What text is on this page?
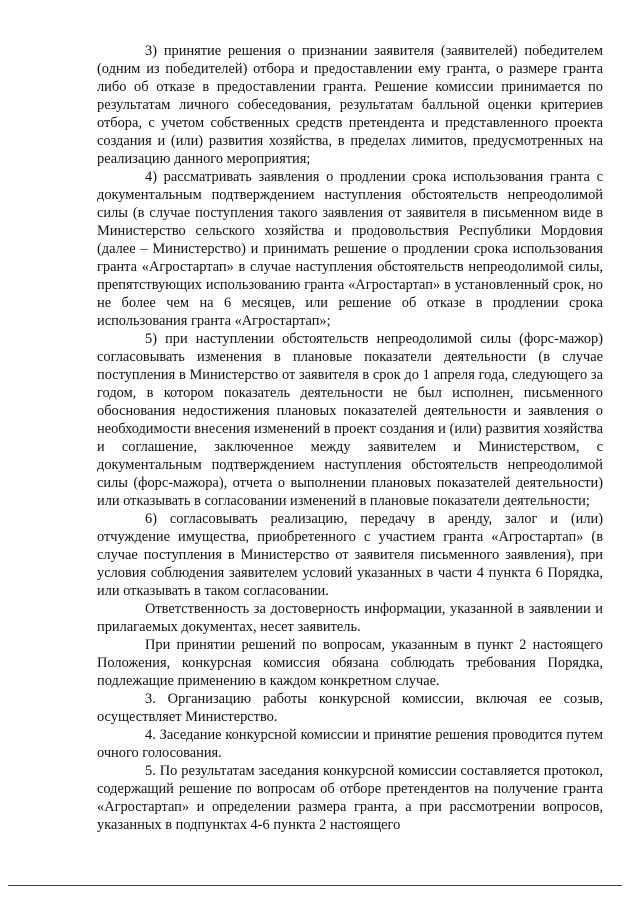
3) принятие решения о признании заявителя (заявителей) победителем (одним из победителей) отбора и предоставлении ему гранта, о размере гранта либо об отказе в предоставлении гранта. Решение комиссии принимается по результатам личного собеседования, результатам балльной оценки критериев отбора, с учетом собственных средств претендента и представленного проекта создания и (или) развития хозяйства, в пределах лимитов, предусмотренных на реализацию данного мероприятия;

4) рассматривать заявления о продлении срока использования гранта с документальным подтверждением наступления обстоятельств непреодолимой силы (в случае поступления такого заявления от заявителя в письменном виде в Министерство сельского хозяйства и продовольствия Республики Мордовия (далее – Министерство) и принимать решение о продлении срока использования гранта «Агростартап» в случае наступления обстоятельств непреодолимой силы, препятствующих использованию гранта «Агростартап» в установленный срок, но не более чем на 6 месяцев, или решение об отказе в продлении срока использования гранта «Агростартап»;

5) при наступлении обстоятельств непреодолимой силы (форс-мажор) согласовывать изменения в плановые показатели деятельности (в случае поступления в Министерство от заявителя в срок до 1 апреля года, следующего за годом, в котором показатель деятельности не был исполнен, письменного обоснования недостижения плановых показателей деятельности и заявления о необходимости внесения изменений в проект создания и (или) развития хозяйства и соглашение, заключенное между заявителем и Министерством, с документальным подтверждением наступления обстоятельств непреодолимой силы (форс-мажора), отчета о выполнении плановых показателей деятельности) или отказывать в согласовании изменений в плановые показатели деятельности;

6) согласовывать реализацию, передачу в аренду, залог и (или) отчуждение имущества, приобретенного с участием гранта «Агростартап» (в случае поступления в Министерство от заявителя письменного заявления), при условия соблюдения заявителем условий указанных в части 4 пункта 6 Порядка, или отказывать в таком согласовании.

Ответственность за достоверность информации, указанной в заявлении и прилагаемых документах, несет заявитель.

При принятии решений по вопросам, указанным в пункт 2 настоящего Положения, конкурсная комиссия обязана соблюдать требования Порядка, подлежащие применению в каждом конкретном случае.

3. Организацию работы конкурсной комиссии, включая ее созыв, осуществляет Министерство.

4. Заседание конкурсной комиссии и принятие решения проводится путем очного голосования.

5. По результатам заседания конкурсной комиссии составляется протокол, содержащий решение по вопросам об отборе претендентов на получение гранта «Агростартап» и определении размера гранта, а при рассмотрении вопросов, указанных в подпунктах 4-6 пункта 2 настоящего
